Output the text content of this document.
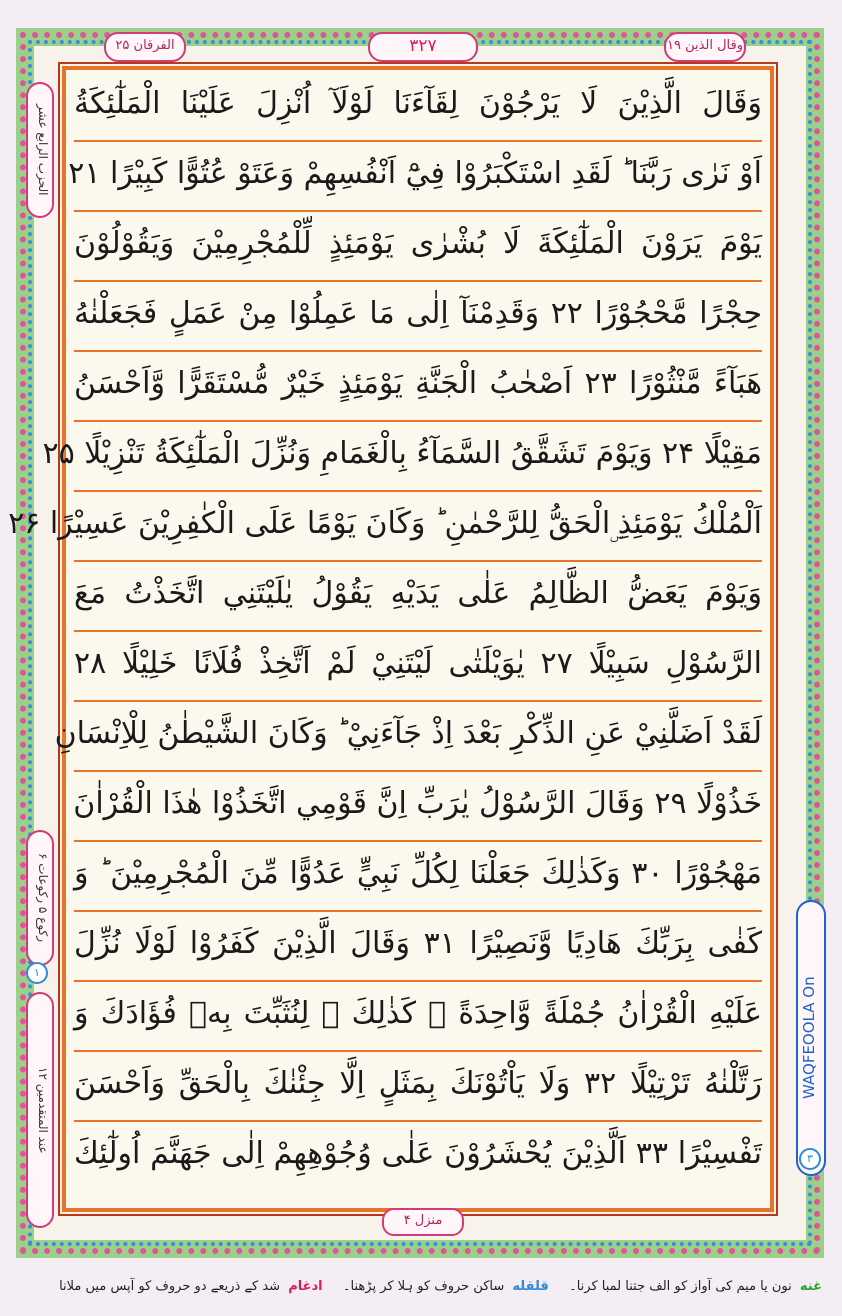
وقال الذین ۱۹
۳۲۷
الفرقان ۲۵
الحزب الرابع عشر
رکوع ۵ رکوعات ۶
۱
عند المتقدمین ۱۲
WAQFEOOLA On
۳
وَقَالَ الَّذِيْنَ لَا يَرْجُوْنَ لِقَآءَنَا لَوْلَآ اُنْزِلَ عَلَيْنَا الْمَلٰٓئِكَةُ
اَوْ نَرٰى رَبَّنَا ؕ لَقَدِ اسْتَكْبَرُوْا فِيْٓ اَنْفُسِهِمْ وَعَتَوْ عُتُوًّا كَبِيْرًا ۲۱
يَوْمَ يَرَوْنَ الْمَلٰٓئِكَةَ لَا بُشْرٰى يَوْمَئِذٍ لِّلْمُجْرِمِيْنَ وَيَقُوْلُوْنَ
حِجْرًا مَّحْجُوْرًا ۲۲ وَقَدِمْنَآ اِلٰى مَا عَمِلُوْا مِنْ عَمَلٍ فَجَعَلْنٰهُ
هَبَآءً مَّنْثُوْرًا ۲۳ اَصْحٰبُ الْجَنَّةِ يَوْمَئِذٍ خَيْرٌ مُّسْتَقَرًّا وَّاَحْسَنُ
مَقِيْلًا ۲۴ وَيَوْمَ تَشَقَّقُ السَّمَآءُ بِالْغَمَامِ وَنُزِّلَ الْمَلٰٓئِكَةُ تَنْزِيْلًا ۲۵
اَلْمُلْكُ يَوْمَئِذِ ۣالْحَقُّ لِلرَّحْمٰنِ ؕ وَكَانَ يَوْمًا عَلَى الْكٰفِرِيْنَ عَسِيْرًا ۲۶
وَيَوْمَ يَعَضُّ الظَّالِمُ عَلٰى يَدَيْهِ يَقُوْلُ يٰلَيْتَنِي اتَّخَذْتُ مَعَ
الرَّسُوْلِ سَبِيْلًا ۲۷ يٰوَيْلَتٰى لَيْتَنِيْ لَمْ اَتَّخِذْ فُلَانًا خَلِيْلًا ۲۸
لَقَدْ اَضَلَّنِيْ عَنِ الذِّكْرِ بَعْدَ اِذْ جَآءَنِيْ ؕ وَكَانَ الشَّيْطٰنُ لِلْاِنْسَانِ
خَذُوْلًا ۲۹ وَقَالَ الرَّسُوْلُ يٰرَبِّ اِنَّ قَوْمِي اتَّخَذُوْا هٰذَا الْقُرْاٰنَ
مَهْجُوْرًا ۳۰ وَكَذٰلِكَ جَعَلْنَا لِكُلِّ نَبِيٍّ عَدُوًّا مِّنَ الْمُجْرِمِيْنَ ؕ وَ
كَفٰى بِرَبِّكَ هَادِيًا وَّنَصِيْرًا ۳۱ وَقَالَ الَّذِيْنَ كَفَرُوْا لَوْلَا نُزِّلَ
عَلَيْهِ الْقُرْاٰنُ جُمْلَةً وَّاحِدَةً ۛ كَذٰلِكَ ۛ لِنُثَبِّتَ بِهٖ فُؤَادَكَ وَ
رَتَّلْنٰهُ تَرْتِيْلًا ۳۲ وَلَا يَاْتُوْنَكَ بِمَثَلٍ اِلَّا جِئْنٰكَ بِالْحَقِّ وَاَحْسَنَ
تَفْسِيْرًا ۳۳ اَلَّذِيْنَ يُحْشَرُوْنَ عَلٰى وُجُوْهِهِمْ اِلٰى جَهَنَّمَ اُولٰٓئِكَ
منزل ۴
غنه نون یا میم کی آواز کو الف جتنا لمبا کرنا۔  قلقله ساکن حروف کو ہلا کر پڑھنا۔  ادغام شد کے ذریعے دو حروف کو آپس میں ملانا
